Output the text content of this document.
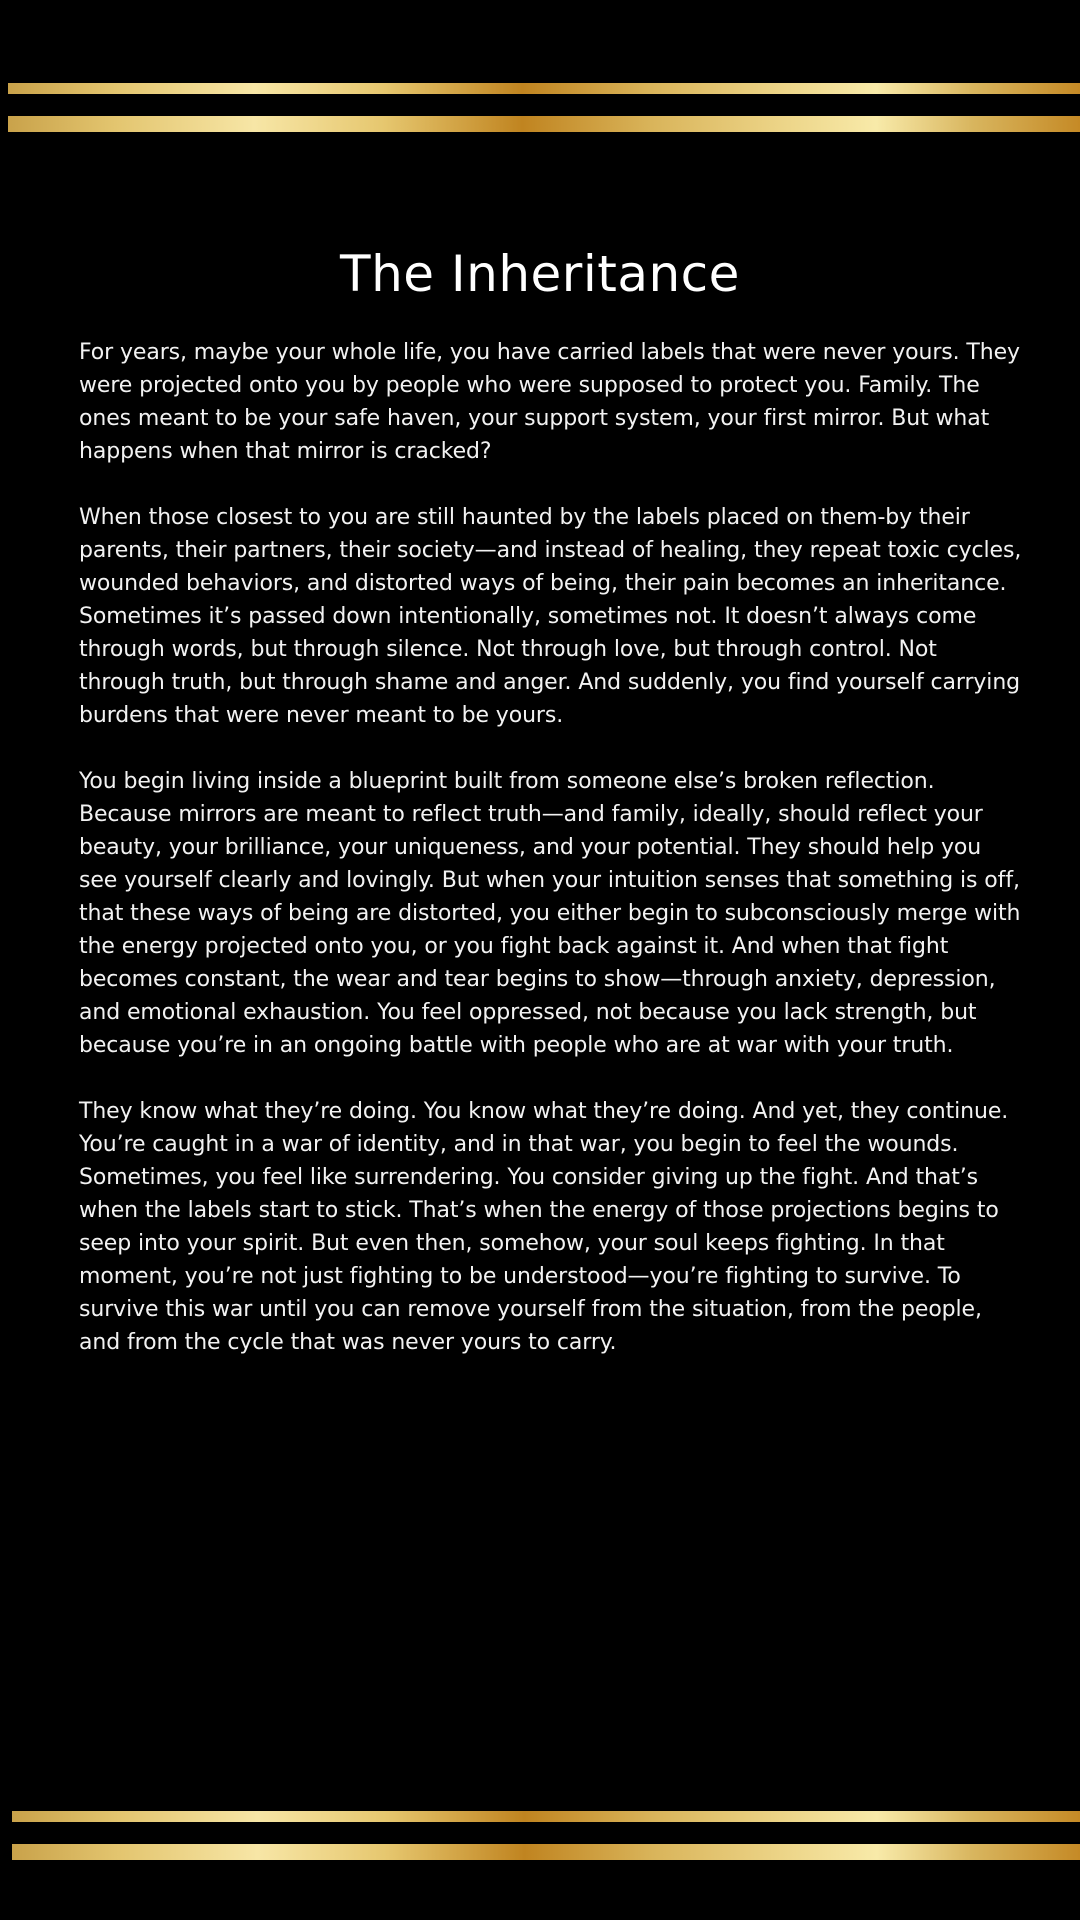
The Inheritance

For years, maybe your whole life, you have carried labels that were never yours. They were projected onto you by people who were supposed to protect you. Family. The ones meant to be your safe haven, your support system, your first mirror. But what happens when that mirror is cracked?

When those closest to you are still haunted by the labels placed on them-by their parents, their partners, their society—and instead of healing, they repeat toxic cycles, wounded behaviors, and distorted ways of being, their pain becomes an inheritance. Sometimes it’s passed down intentionally, sometimes not. It doesn’t always come through words, but through silence. Not through love, but through control. Not through truth, but through shame and anger. And suddenly, you find yourself carrying burdens that were never meant to be yours.

You begin living inside a blueprint built from someone else’s broken reflection. Because mirrors are meant to reflect truth—and family, ideally, should reflect your beauty, your brilliance, your uniqueness, and your potential. They should help you see yourself clearly and lovingly. But when your intuition senses that something is off, that these ways of being are distorted, you either begin to subconsciously merge with the energy projected onto you, or you fight back against it. And when that fight becomes constant, the wear and tear begins to show—through anxiety, depression, and emotional exhaustion. You feel oppressed, not because you lack strength, but because you’re in an ongoing battle with people who are at war with your truth.

They know what they’re doing. You know what they’re doing. And yet, they continue. You’re caught in a war of identity, and in that war, you begin to feel the wounds. Sometimes, you feel like surrendering. You consider giving up the fight. And that’s when the labels start to stick. That’s when the energy of those projections begins to seep into your spirit. But even then, somehow, your soul keeps fighting. In that moment, you’re not just fighting to be understood—you’re fighting to survive. To survive this war until you can remove yourself from the situation, from the people, and from the cycle that was never yours to carry.
